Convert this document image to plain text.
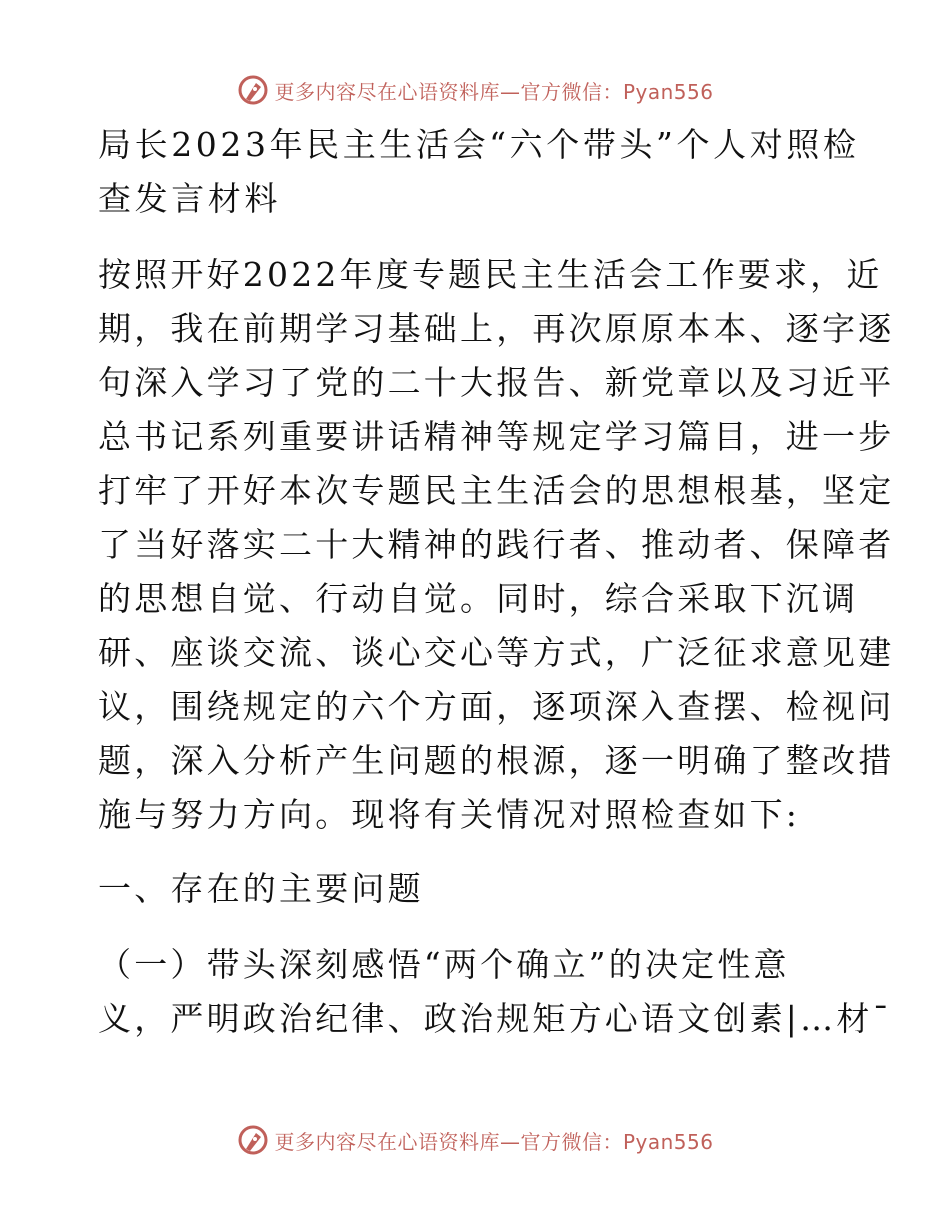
更多内容尽在心语资料库—官方微信：Pyan556
局长2023年民主生活会“六个带头”个人对照检
查发言材料
按照开好2022年度专题民主生活会工作要求，近
期，我在前期学习基础上，再次原原本本、逐字逐
句深入学习了党的二十大报告、新党章以及习近平
总书记系列重要讲话精神等规定学习篇目，进一步
打牢了开好本次专题民主生活会的思想根基，坚定
了当好落实二十大精神的践行者、推动者、保障者
的思想自觉、行动自觉。同时，综合采取下沉调
研、座谈交流、谈心交心等方式，广泛征求意见建
议，围绕规定的六个方面，逐项深入查摆、检视问
题，深入分析产生问题的根源，逐一明确了整改措
施与努力方向。现将有关情况对照检查如下:
一、存在的主要问题
（一）带头深刻感悟“两个确立”的决定性意
义，严明政治纪律、政治规矩方心语文创素|…材¯
更多内容尽在心语资料库—官方微信：Pyan556
